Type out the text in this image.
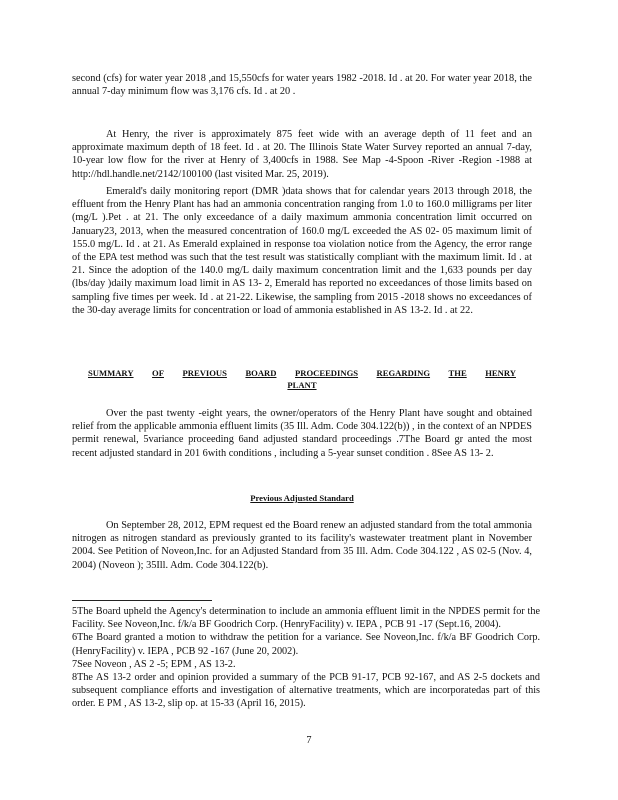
second (cfs) for water year 2018 ,and 15,550cfs for water years 1982 -2018. Id . at 20. For water year 2018, the annual 7-day minimum flow was 3,176 cfs. Id . at 20 .

At Henry, the river is approximately 875 feet wide with an average depth of 11 feet and an approximate maximum depth of 18 feet. Id . at 20. The Illinois State Water Survey reported an annual 7-day, 10-year low flow for the river at Henry of 3,400cfs in 1988. See Map -4-Spoon -River -Region -1988 at http://hdl.handle.net/2142/100100 (last visited Mar. 25, 2019).

Emerald's daily monitoring report (DMR )data shows that for calendar years 2013 through 2018, the effluent from the Henry Plant has had an ammonia concentration ranging from 1.0 to 160.0 milligrams per liter (mg/L ).Pet . at 21. The only exceedance of a daily maximum ammonia concentration limit occurred on January23, 2013, when the measured concentration of 160.0 mg/L exceeded the AS 02- 05 maximum limit of 155.0 mg/L. Id . at 21. As Emerald explained in response toa violation notice from the Agency, the error range of the EPA test method was such that the test result was statistically compliant with the maximum limit. Id . at 21. Since the adoption of the 140.0 mg/L daily maximum concentration limit and the 1,633 pounds per day (lbs/day )daily maximum load limit in AS 13- 2, Emerald has reported no exceedances of those limits based on sampling five times per week. Id . at 21-22. Likewise, the sampling from 2015 -2018 shows no exceedances of the 30-day average limits for concentration or load of ammonia established in AS 13-2. Id . at 22.

SUMMARY OF PREVIOUS BOARD PROCEEDINGS REGARDING THE HENRY
PLANT

Over the past twenty -eight years, the owner/operators of the Henry Plant have sought and obtained relief from the applicable ammonia effluent limits (35 Ill. Adm. Code 304.122(b)) , in the context of an NPDES permit renewal, 5variance proceeding 6and adjusted standard proceedings .7The Board gr anted the most recent adjusted standard in 201 6with conditions , including a 5-year sunset condition . 8See AS 13- 2.

Previous Adjusted Standard

On September 28, 2012, EPM request ed the Board renew an adjusted standard from the total ammonia nitrogen as nitrogen standard as previously granted to its facility's wastewater treatment plant in November 2004. See Petition of Noveon,Inc. for an Adjusted Standard from 35 Ill. Adm. Code 304.122 , AS 02-5 (Nov. 4, 2004) (Noveon ); 35Ill. Adm. Code 304.122(b).

5The Board upheld the Agency's determination to include an ammonia effluent limit in the NPDES permit for the Facility. See Noveon,Inc. f/k/a BF Goodrich Corp. (HenryFacility) v. IEPA , PCB 91 -17 (Sept.16, 2004).

6The Board granted a motion to withdraw the petition for a variance. See Noveon,Inc. f/k/a BF Goodrich Corp. (HenryFacility) v. IEPA , PCB 92 -167 (June 20, 2002).

7See Noveon , AS 2 -5; EPM , AS 13-2.

8The AS 13-2 order and opinion provided a summary of the PCB 91-17, PCB 92-167, and AS 2-5 dockets and subsequent compliance efforts and investigation of alternative treatments, which are incorporatedas part of this order. E PM , AS 13-2, slip op. at 15-33 (April 16, 2015).

7
